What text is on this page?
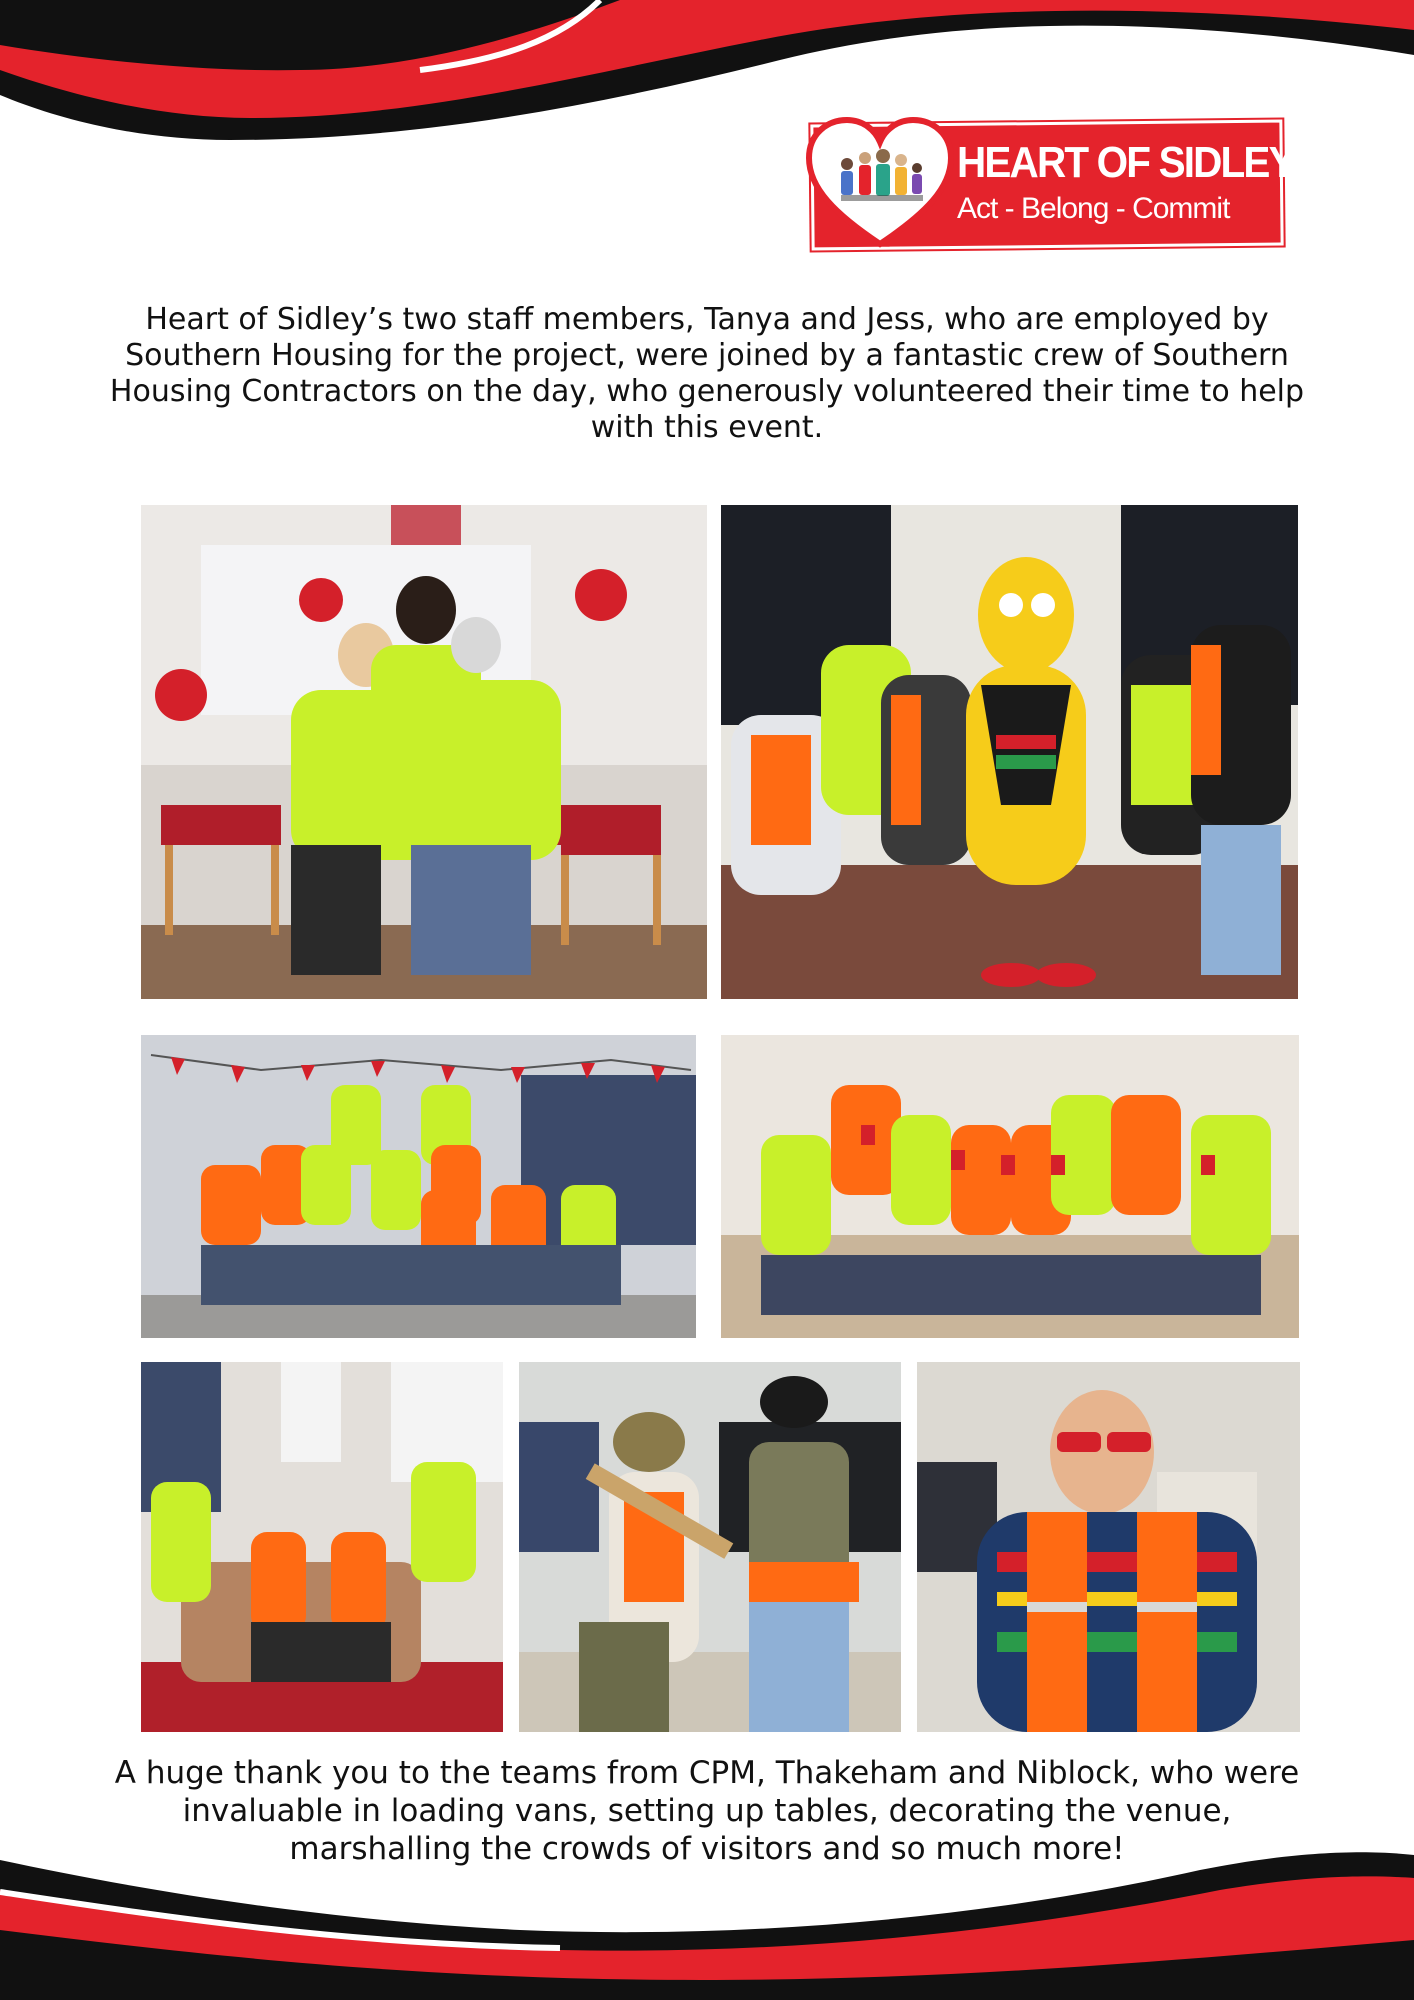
HEART OF SIDLEY
Act - Belong - Commit

Heart of Sidley’s two staff members, Tanya and Jess, who are employed by Southern Housing for the project, were joined by a fantastic crew of Southern Housing Contractors on the day, who generously volunteered their time to help with this event.

A huge thank you to the teams from CPM, Thakeham and Niblock, who were invaluable in loading vans, setting up tables, decorating the venue, marshalling the crowds of visitors and so much more!
